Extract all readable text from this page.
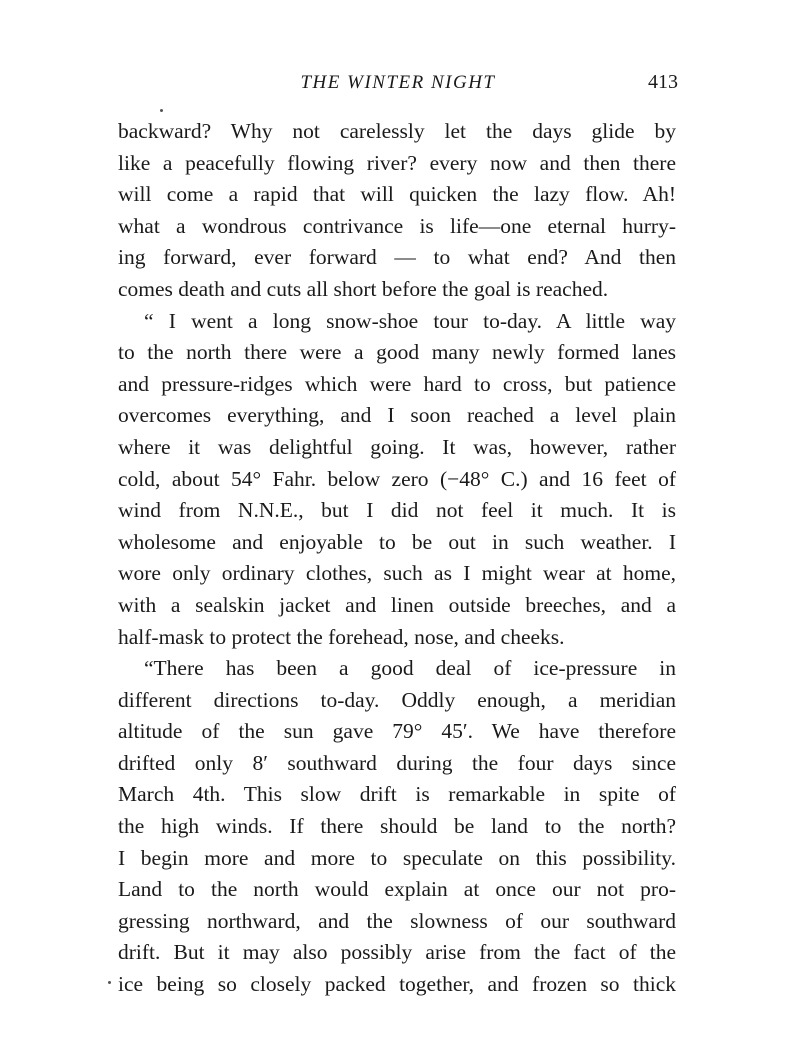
THE WINTER NIGHT	413
backward? Why not carelessly let the days glide by
like a peacefully flowing river? every now and then there
will come a rapid that will quicken the lazy flow. Ah!
what a wondrous contrivance is life—one eternal hurry-
ing forward, ever forward — to what end? And then
comes death and cuts all short before the goal is reached.
“ I went a long snow-shoe tour to-day. A little way
to the north there were a good many newly formed lanes
and pressure-ridges which were hard to cross, but patience
overcomes everything, and I soon reached a level plain
where it was delightful going. It was, however, rather
cold, about 54° Fahr. below zero (−48° C.) and 16 feet of
wind from N.N.E., but I did not feel it much. It is
wholesome and enjoyable to be out in such weather. I
wore only ordinary clothes, such as I might wear at home,
with a sealskin jacket and linen outside breeches, and a
half-mask to protect the forehead, nose, and cheeks.
“There has been a good deal of ice-pressure in
different directions to-day. Oddly enough, a meridian
altitude of the sun gave 79° 45′. We have therefore
drifted only 8′ southward during the four days since
March 4th. This slow drift is remarkable in spite of
the high winds. If there should be land to the north?
I begin more and more to speculate on this possibility.
Land to the north would explain at once our not pro-
gressing northward, and the slowness of our southward
drift. But it may also possibly arise from the fact of the
ice being so closely packed together, and frozen so thick
